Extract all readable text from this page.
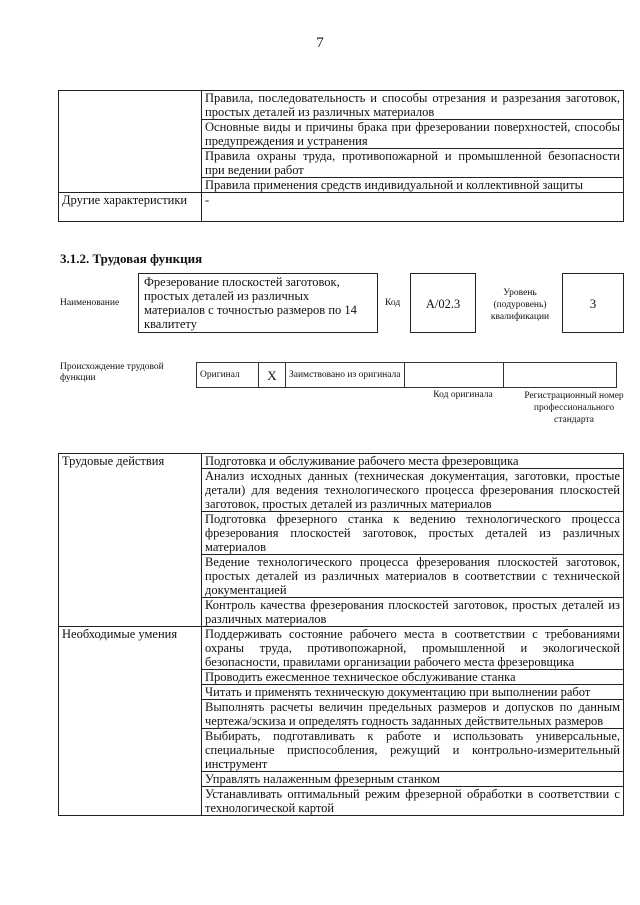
7
	Правила, последовательность и способы отрезания и разрезания заготовок, простых деталей из различных материалов
	Основные виды и причины брака при фрезеровании поверхностей, способы предупреждения и устранения
	Правила охраны труда, противопожарной и промышленной безопасности при ведении работ
	Правила применения средств индивидуальной и коллективной защиты
Другие характеристики	-
3.1.2. Трудовая функция
Наименование
Фрезерование плоскостей заготовок, простых деталей из различных материалов с точностью размеров по 14 квалитету
Код	А/02.3
Уровень (подуровень) квалификации
3
Происхождение трудовой функции	Оригинал	Х	Заимствовано из оригинала		
Код оригинала	Регистрационный номер профессионального стандарта
Трудовые действия	Подготовка и обслуживание рабочего места фрезеровщика
	Анализ исходных данных (техническая документация, заготовки, простые детали) для ведения технологического процесса фрезерования плоскостей заготовок, простых деталей из различных материалов
	Подготовка фрезерного станка к ведению технологического процесса фрезерования плоскостей заготовок, простых деталей из различных материалов
	Ведение технологического процесса фрезерования плоскостей заготовок, простых деталей из различных материалов в соответствии с технической документацией
	Контроль качества фрезерования плоскостей заготовок, простых деталей из различных материалов
Необходимые умения	Поддерживать состояние рабочего места в соответствии с требованиями охраны труда, противопожарной, промышленной и экологической безопасности, правилами организации рабочего места фрезеровщика
Проводить ежесменное техническое обслуживание станка
Читать и применять техническую документацию при выполнении работ

	Выполнять расчеты величин предельных размеров и допусков по данным чертежа/эскиза и определять годность заданных действительных размеров
	Выбирать, подготавливать к работе и использовать универсальные, специальные приспособления, режущий и контрольно-измерительный инструмент
	Управлять налаженным фрезерным станком
	Устанавливать оптимальный режим фрезерной обработки в соответствии с технологической картой
